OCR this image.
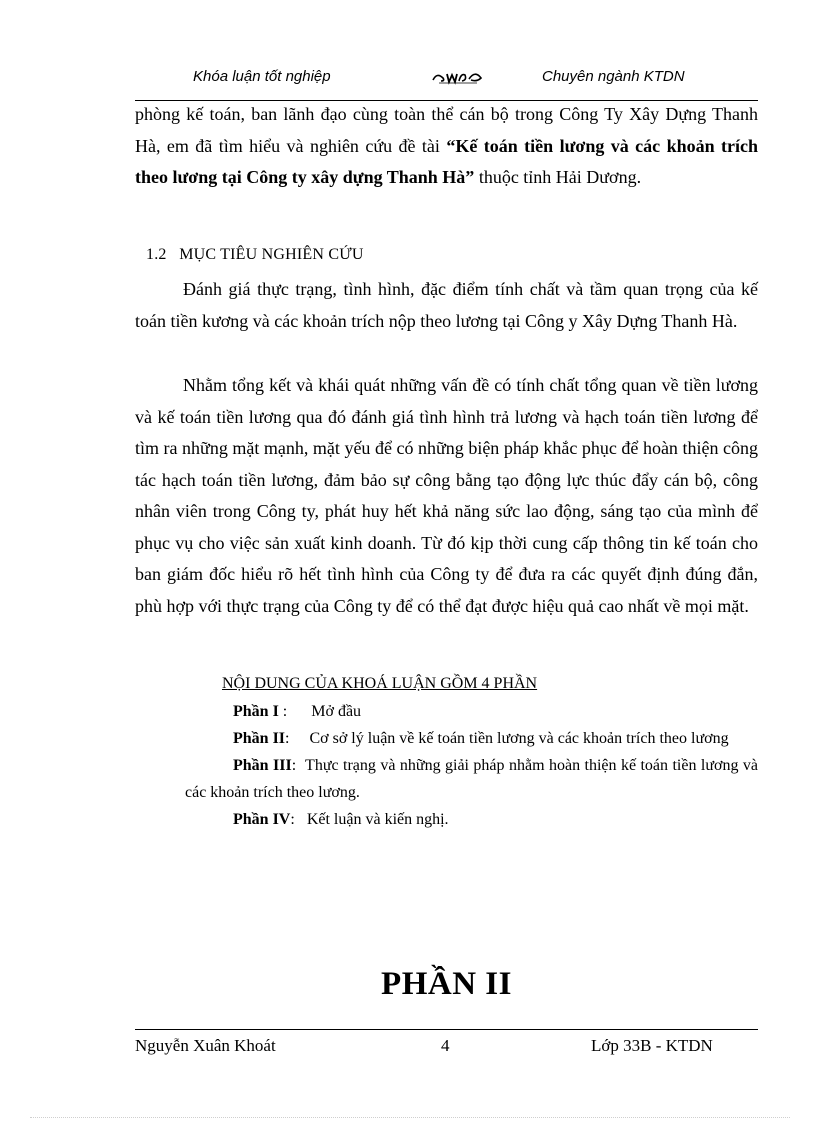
Khóa luận tốt nghiệp	Chuyên ngành KTDN
phòng kế toán, ban lãnh đạo cùng toàn thể cán bộ trong Công Ty Xây Dựng Thanh Hà, em đã tìm hiểu và nghiên cứu đề tài “Kế toán tiền lương và các khoản trích theo lương tại Công ty xây dựng Thanh Hà” thuộc tỉnh Hải Dương.
1.2 MỤC TIÊU NGHIÊN CỨU
Đánh giá thực trạng, tình hình, đặc điểm tính chất và tầm quan trọng của kế toán tiền kương và các khoản trích nộp theo lương tại Công y Xây Dựng Thanh Hà.
Nhằm tổng kết và khái quát những vấn đề có tính chất tổng quan về tiền lương và kế toán tiền lương qua đó đánh giá tình hình trả lương và hạch toán tiền lương để tìm ra những mặt mạnh, mặt yếu để có những biện pháp khắc phục để hoàn thiện công tác hạch toán tiền lương, đảm bảo sự công bằng tạo động lực thúc đẩy cán bộ, công nhân viên trong Công ty, phát huy hết khả năng sức lao động, sáng tạo của mình để phục vụ cho việc sản xuất kinh doanh. Từ đó kịp thời cung cấp thông tin kế toán cho ban giám đốc hiểu rõ hết tình hình của Công ty để đưa ra các quyết định đúng đắn, phù hợp với thực trạng của Công ty để có thể đạt được hiệu quả cao nhất về mọi mặt.
NỘI DUNG CỦA KHOÁ LUẬN GỒM 4 PHẦN
Phần I : Mở đầu
Phần II: Cơ sở lý luận về kế toán tiền lương và các khoản trích theo lương
Phần III: Thực trạng và những giải pháp nhằm hoàn thiện kế toán tiền lương và các khoản trích theo lương.
Phần IV: Kết luận và kiến nghị.
PHẦN II
Nguyễn Xuân Khoát	4	Lớp 33B - KTDN
